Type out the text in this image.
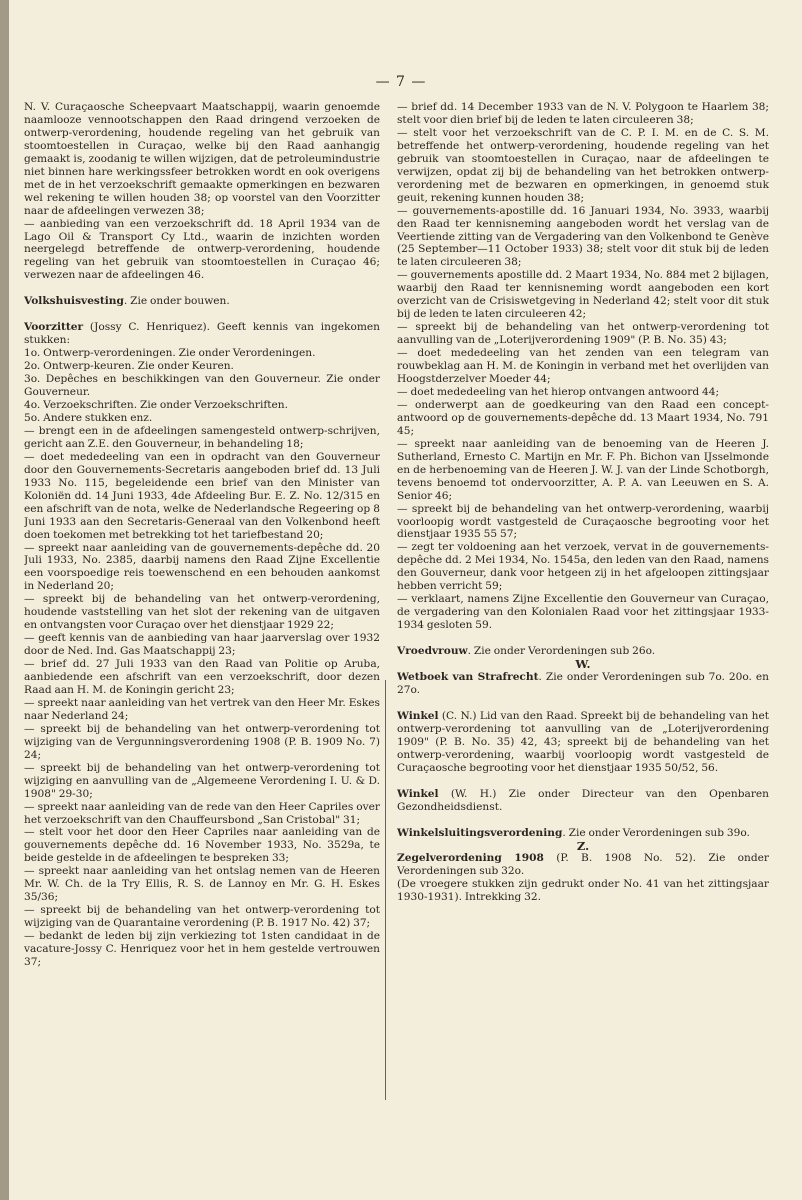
— 7 —

N. V. Curaçaosche Scheepvaart Maatschappij, waarin genoemde naamlooze vennootschappen den Raad dringend verzoeken de ontwerp-verordening, houdende regeling van het gebruik van stoomtoestellen in Curaçao, welke bij den Raad aanhangig gemaakt is, zoodanig te willen wijzigen, dat de petroleumindustrie niet binnen hare werkingssfeer betrokken wordt en ook overigens met de in het verzoekschrift gemaakte opmerkingen en bezwaren wel rekening te willen houden 38; op voorstel van den Voorzitter naar de afdeelingen verwezen 38;

— aanbieding van een verzoekschrift dd. 18 April 1934 van de Lago Oil & Transport Cy Ltd., waarin de inzichten worden neergelegd betreffende de ontwerp-verordening, houdende regeling van het gebruik van stoomtoestellen in Curaçao 46; verwezen naar de afdeelingen 46.

Volkshuisvesting. Zie onder bouwen.

Voorzitter (Jossy C. Henriquez). Geeft kennis van ingekomen stukken:

1o. Ontwerp-verordeningen. Zie onder Verordeningen.

2o. Ontwerp-keuren. Zie onder Keuren.

3o. Depêches en beschikkingen van den Gouverneur. Zie onder Gouverneur.

4o. Verzoekschriften. Zie onder Verzoekschriften.

5o. Andere stukken enz.

— brengt een in de afdeelingen samengesteld ontwerp-schrijven, gericht aan Z.E. den Gouverneur, in behandeling 18;

— doet mededeeling van een in opdracht van den Gouverneur door den Gouvernements-Secretaris aangeboden brief dd. 13 Juli 1933 No. 115, begeleidende een brief van den Minister van Koloniën dd. 14 Juni 1933, 4de Afdeeling Bur. E. Z. No. 12/315 en een afschrift van de nota, welke de Nederlandsche Regeering op 8 Juni 1933 aan den Secretaris-Generaal van den Volkenbond heeft doen toekomen met betrekking tot het tariefbestand 20;

— spreekt naar aanleiding van de gouvernements-depêche dd. 20 Juli 1933, No. 2385, daarbij namens den Raad Zijne Excellentie een voorspoedige reis toewenschend en een behouden aankomst in Nederland 20;

— spreekt bij de behandeling van het ontwerp-verordening, houdende vaststelling van het slot der rekening van de uitgaven en ontvangsten voor Curaçao over het dienstjaar 1929 22;

— geeft kennis van de aanbieding van haar jaarverslag over 1932 door de Ned. Ind. Gas Maatschappij 23;

— brief dd. 27 Juli 1933 van den Raad van Politie op Aruba, aanbiedende een afschrift van een verzoekschrift, door dezen Raad aan H. M. de Koningin gericht 23;

— spreekt naar aanleiding van het vertrek van den Heer Mr. Eskes naar Nederland 24;

— spreekt bij de behandeling van het ontwerp-verordening tot wijziging van de Vergunningsverordening 1908 (P. B. 1909 No. 7) 24;

— spreekt bij de behandeling van het ontwerp-verordening tot wijziging en aanvulling van de „Algemeene Verordening I. U. & D. 1908" 29-30;

— spreekt naar aanleiding van de rede van den Heer Capriles over het verzoekschrift van den Chauffeursbond „San Cristobal" 31;

— stelt voor het door den Heer Capriles naar aanleiding van de gouvernements depêche dd. 16 November 1933, No. 3529a, te beide gestelde in de afdeelingen te bespreken 33;

— spreekt naar aanleiding van het ontslag nemen van de Heeren Mr. W. Ch. de la Try Ellis, R. S. de Lannoy en Mr. G. H. Eskes 35/36;

— spreekt bij de behandeling van het ontwerp-verordening tot wijziging van de Quarantaine verordening (P. B. 1917 No. 42) 37;

— bedankt de leden bij zijn verkiezing tot 1sten candidaat in de vacature-Jossy C. Henriquez voor het in hem gestelde vertrouwen 37;

— brief dd. 14 December 1933 van de N. V. Polygoon te Haarlem 38; stelt voor dien brief bij de leden te laten circuleeren 38;

— stelt voor het verzoekschrift van de C. P. I. M. en de C. S. M. betreffende het ontwerp-verordening, houdende regeling van het gebruik van stoomtoestellen in Curaçao, naar de afdeelingen te verwijzen, opdat zij bij de behandeling van het betrokken ontwerp-verordening met de bezwaren en opmerkingen, in genoemd stuk geuit, rekening kunnen houden 38;

— gouvernements-apostille dd. 16 Januari 1934, No. 3933, waarbij den Raad ter kennisneming aangeboden wordt het verslag van de Veertiende zitting van de Vergadering van den Volkenbond te Genève (25 September—11 October 1933) 38; stelt voor dit stuk bij de leden te laten circuleeren 38;

— gouvernements apostille dd. 2 Maart 1934, No. 884 met 2 bijlagen, waarbij den Raad ter kennisneming wordt aangeboden een kort overzicht van de Crisiswetgeving in Nederland 42; stelt voor dit stuk bij de leden te laten circuleeren 42;

— spreekt bij de behandeling van het ontwerp-verordening tot aanvulling van de „Loterijverordening 1909" (P. B. No. 35) 43;

— doet mededeeling van het zenden van een telegram van rouwbeklag aan H. M. de Koningin in verband met het overlijden van Hoogstderzelver Moeder 44;

— doet mededeeling van het hierop ontvangen antwoord 44;

— onderwerpt aan de goedkeuring van den Raad een concept-antwoord op de gouvernements-depêche dd. 13 Maart 1934, No. 791 45;

— spreekt naar aanleiding van de benoeming van de Heeren J. Sutherland, Ernesto C. Martijn en Mr. F. Ph. Bichon van IJsselmonde en de herbenoeming van de Heeren J. W. J. van der Linde Schotborgh, tevens benoemd tot ondervoorzitter, A. P. A. van Leeuwen en S. A. Senior 46;

— spreekt bij de behandeling van het ontwerp-verordening, waarbij voorloopig wordt vastgesteld de Curaçaosche begrooting voor het dienstjaar 1935 55 57;

— zegt ter voldoening aan het verzoek, vervat in de gouvernements-depêche dd. 2 Mei 1934, No. 1545a, den leden van den Raad, namens den Gouverneur, dank voor hetgeen zij in het afgeloopen zittingsjaar hebben verricht 59;

— verklaart, namens Zijne Excellentie den Gouverneur van Curaçao, de vergadering van den Kolonialen Raad voor het zittingsjaar 1933-1934 gesloten 59.

Vroedvrouw. Zie onder Verordeningen sub 26o.

W.

Wetboek van Strafrecht. Zie onder Verordeningen sub 7o. 20o. en 27o.

Winkel (C. N.) Lid van den Raad. Spreekt bij de behandeling van het ontwerp-verordening tot aanvulling van de „Loterijverordening 1909" (P. B. No. 35) 42, 43; spreekt bij de behandeling van het ontwerp-verordening, waarbij voorloopig wordt vastgesteld de Curaçaosche begrooting voor het dienstjaar 1935 50/52, 56.

Winkel (W. H.) Zie onder Directeur van den Openbaren Gezondheidsdienst.

Winkelsluitingsverordening. Zie onder Verordeningen sub 39o.

Z.

Zegelverordening 1908 (P. B. 1908 No. 52). Zie onder Verordeningen sub 32o.

(De vroegere stukken zijn gedrukt onder No. 41 van het zittingsjaar 1930-1931). Intrekking 32.
